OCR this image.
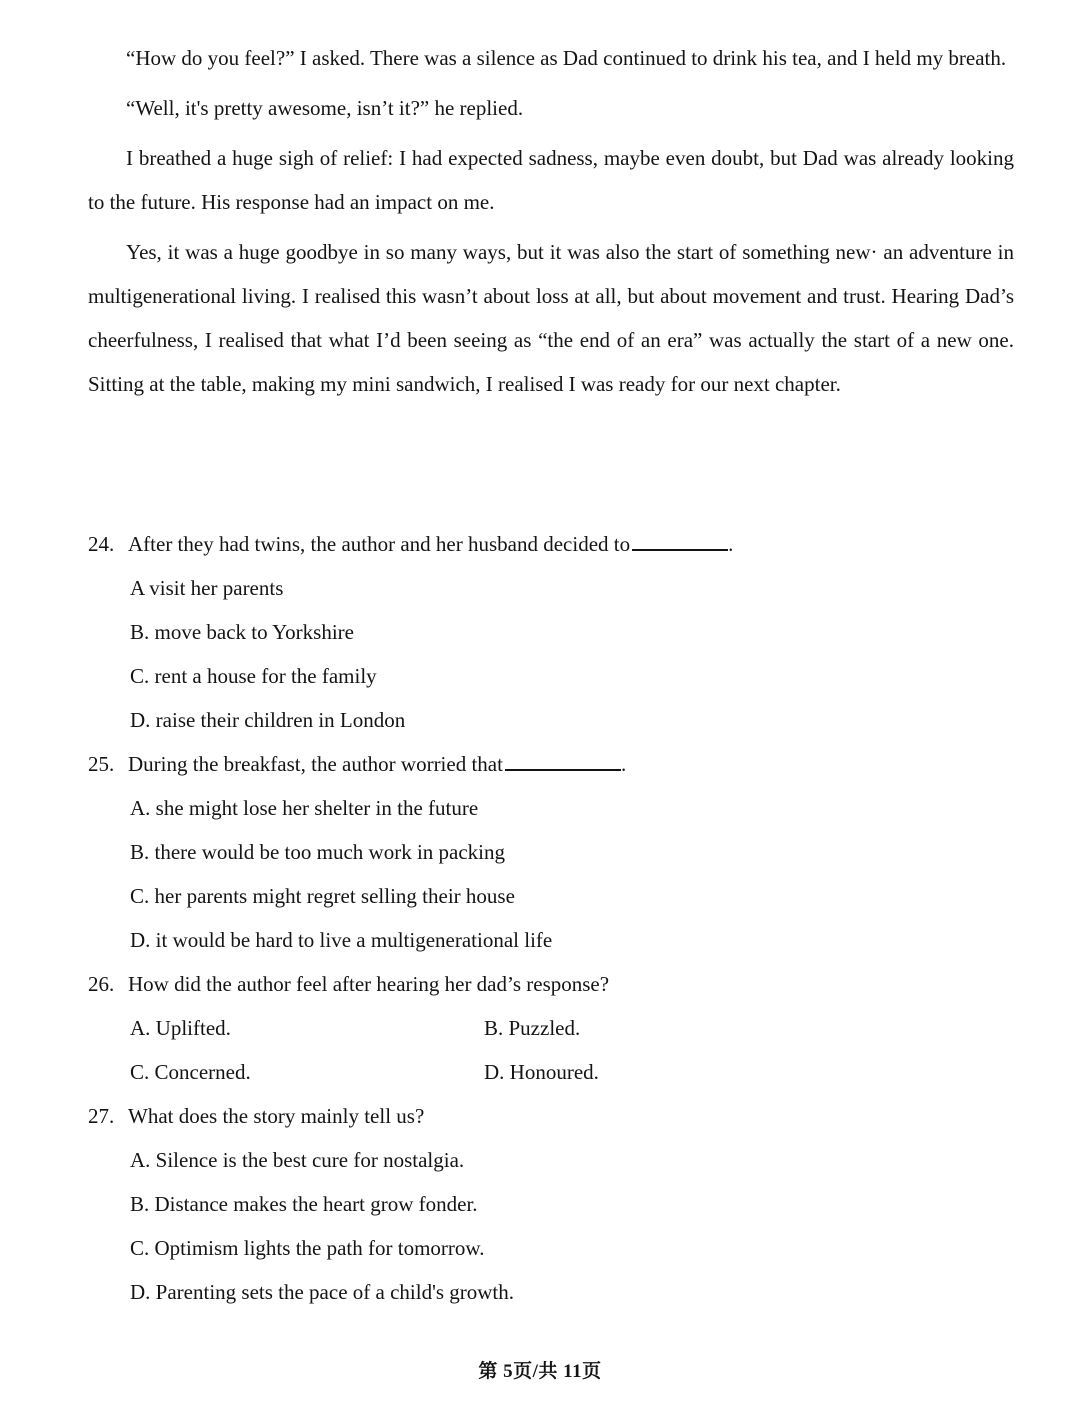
“How do you feel?” I asked. There was a silence as Dad continued to drink his tea, and I held my breath.

“Well, it's pretty awesome, isn’t it?” he replied.

I breathed a huge sigh of relief: I had expected sadness, maybe even doubt, but Dad was already looking to the future. His response had an impact on me.

Yes, it was a huge goodbye in so many ways, but it was also the start of something new· an adventure in multigenerational living. I realised this wasn’t about loss at all, but about movement and trust. Hearing Dad’s cheerfulness, I realised that what I’d been seeing as “the end of an era” was actually the start of a new one. Sitting at the table, making my mini sandwich, I realised I was ready for our next chapter.

24. After they had twins, the author and her husband decided to	.
A visit her parents
B. move back to Yorkshire
C. rent a house for the family
D. raise their children in London
25. During the breakfast, the author worried that	.
A. she might lose her shelter in the future
B. there would be too much work in packing
C. her parents might regret selling their house
D. it would be hard to live a multigenerational life
26. How did the author feel after hearing her dad’s response?
A. Uplifted.	B. Puzzled.
C. Concerned.	D. Honoured.
27. What does the story mainly tell us?
A. Silence is the best cure for nostalgia.
B. Distance makes the heart grow fonder.
C. Optimism lights the path for tomorrow.
D. Parenting sets the pace of a child's growth.
第 5页/共 11页
